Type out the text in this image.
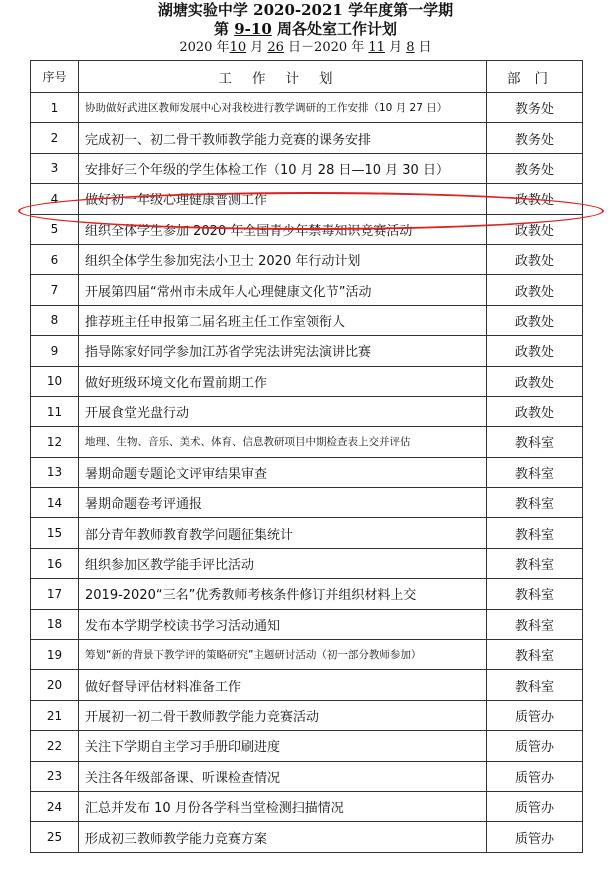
湖塘实验中学 2020-2021 学年度第一学期
第 9-10 周各处室工作计划
2020 年10 月 26 日－2020 年 11 月 8 日
序号	工作计划	部门
1	协助做好武进区教师发展中心对我校进行教学调研的工作安排（10 月 27 日）	教务处
2	完成初一、初二骨干教师教学能力竞赛的课务安排	教务处
3	安排好三个年级的学生体检工作（10 月 28 日—10 月 30 日）	教务处
4	做好初一年级心理健康普测工作	政教处
5	组织全体学生参加 2020 年全国青少年禁毒知识竞赛活动	政教处
6	组织全体学生参加宪法小卫士 2020 年行动计划	政教处
7	开展第四届“常州市未成年人心理健康文化节”活动	政教处
8	推荐班主任申报第二届名班主任工作室领衔人	政教处
9	指导陈家好同学参加江苏省学宪法讲宪法演讲比赛	政教处
10	做好班级环境文化布置前期工作	政教处
11	开展食堂光盘行动	政教处
12	地理、生物、音乐、美术、体育、信息教研项目中期检查表上交并评估	教科室
13	暑期命题专题论文评审结果审查	教科室
14	暑期命题卷考评通报	教科室
15	部分青年教师教育教学问题征集统计	教科室
16	组织参加区教学能手评比活动	教科室
17	2019-2020“三名”优秀教师考核条件修订并组织材料上交	教科室
18	发布本学期学校读书学习活动通知	教科室
19	筹划“新的背景下教学评的策略研究”主题研讨活动（初一部分教师参加）	教科室
20	做好督导评估材料准备工作	教科室
21	开展初一初二骨干教师教学能力竞赛活动	质管办
22	关注下学期自主学习手册印刷进度	质管办
23	关注各年级部备课、听课检查情况	质管办
24	汇总并发布 10 月份各学科当堂检测扫描情况	质管办
25	形成初三教师教学能力竞赛方案	质管办
